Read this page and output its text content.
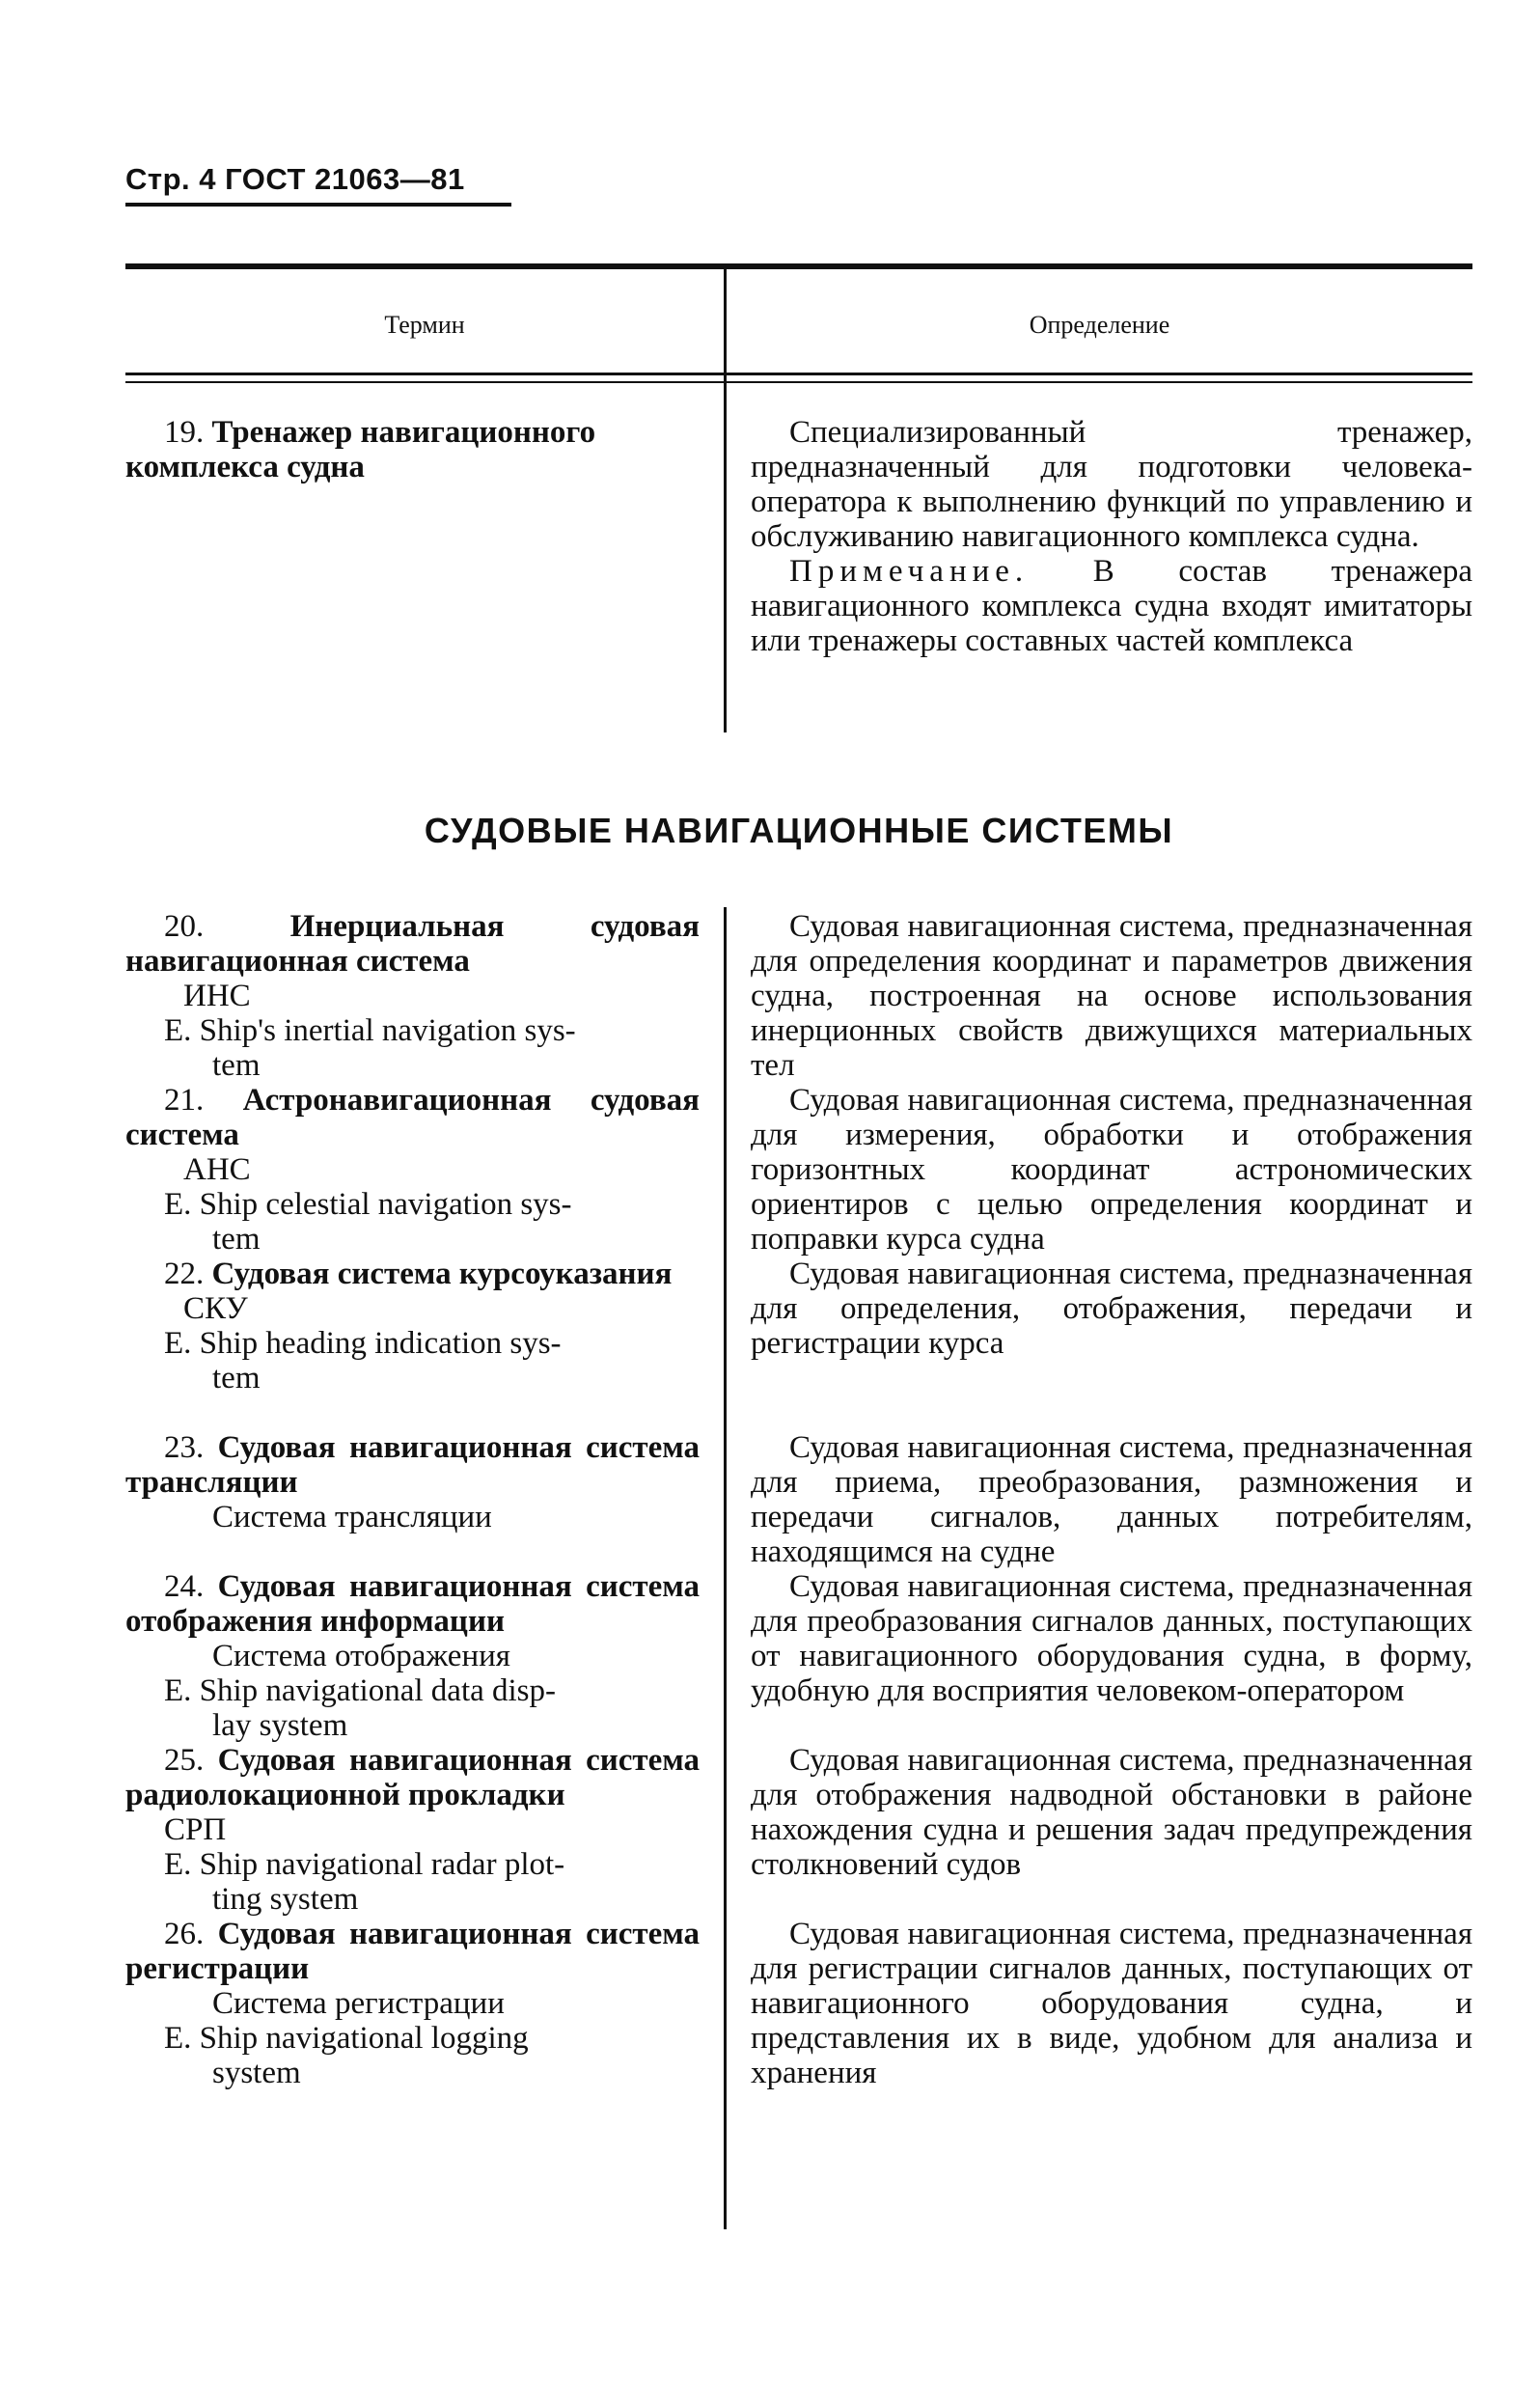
Стр. 4 ГОСТ 21063—81
Термин	Определение

19. Тренажер навигационного

комплекса судна

Специализированный тренажер, предназначенный для подготовки человека-оператора к выполнению функций по управлению и обслуживанию навигационного комплекса судна.

Примечание. В состав тренажера навигационного комплекса судна входят имитаторы или тренажеры составных частей комплекса

СУДОВЫЕ НАВИГАЦИОННЫЕ СИСТЕМЫ

20.	Инерциальная судовая навигационная система

ИНС

E. Ship's inertial navigation sys-
tem

Судовая навигационная система, предназначенная для определения координат и параметров движения судна, построенная на основе использования инерционных свойств движущихся материальных тел

21. Астронавигационная судовая система

АНС

E. Ship celestial navigation sys-
tem

Судовая навигационная система, предназначенная для измерения, обработки и отображения горизонтных координат астрономических ориентиров с целью определения координат и поправки курса судна

22. Судовая система курсоуказания

СКУ

E. Ship heading indication sys-
tem

Судовая навигационная система, предназначенная для определения, отображения, передачи и регистрации курса

23. Судовая навигационная система трансляции

Система трансляции

Судовая навигационная система, предназначенная для приема, преобразования, размножения и передачи сигналов, данных потребителям, находящимся на судне

24. Судовая навигационная система отображения информации

Система отображения

E. Ship navigational data disp-
lay system

Судовая навигационная система, предназначенная для преобразования сигналов данных, поступающих от навигационного оборудования судна, в форму, удобную для восприятия человеком-оператором

25. Судовая навигационная система радиолокационной прокладки

СРП

E. Ship navigational radar plot-
ting system

Судовая навигационная система, предназначенная для отображения надводной обстановки в районе нахождения судна и решения задач предупреждения столкновений судов

26. Судовая навигационная система регистрации

Система регистрации

E. Ship navigational logging
system

Судовая навигационная система, предназначенная для регистрации сигналов данных, поступающих от навигационного оборудования судна, и представления их в виде, удобном для анализа и хранения
